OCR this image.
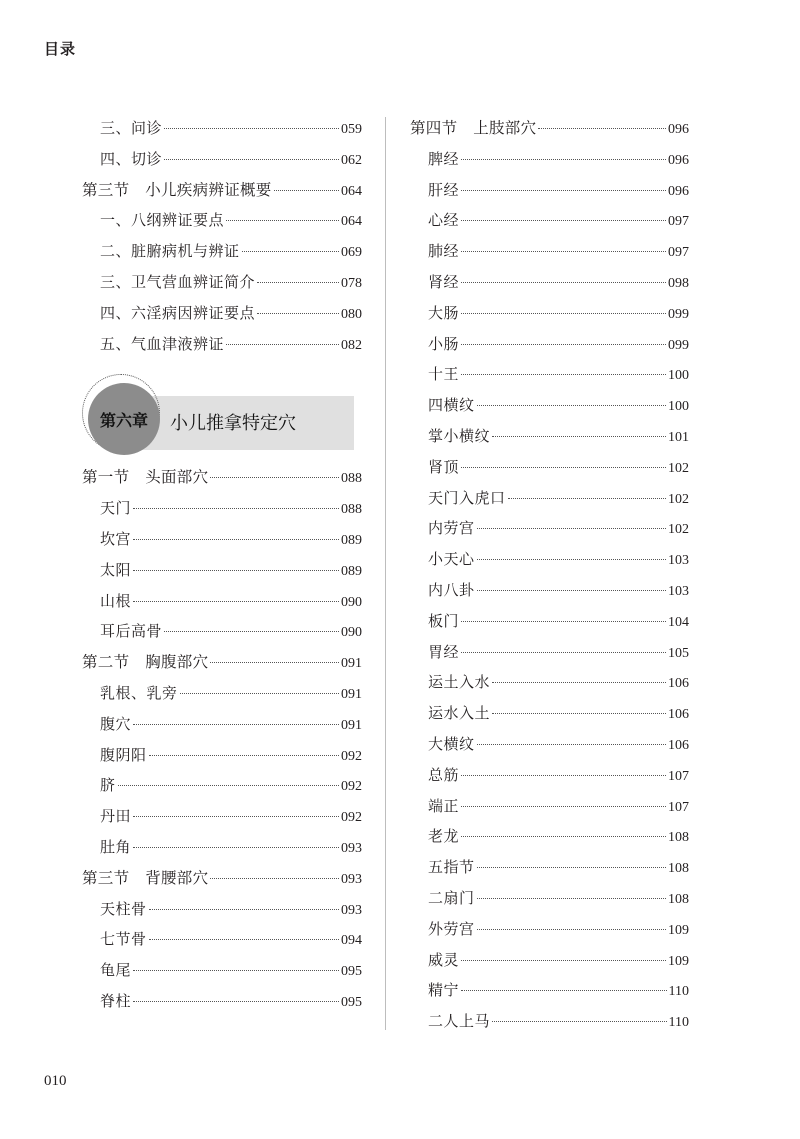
目录
三、问诊	059
四、切诊	062
第三节　小儿疾病辨证概要	064
一、八纲辨证要点	064
二、脏腑病机与辨证	069
三、卫气营血辨证简介	078
四、六淫病因辨证要点	080
五、气血津液辨证	082
第六章 小儿推拿特定穴
第一节　头面部穴	088
天门	088
坎宫	089
太阳	089
山根	090
耳后高骨	090
第二节　胸腹部穴	091
乳根、乳旁	091
腹穴	091
腹阴阳	092
脐	092
丹田	092
肚角	093
第三节　背腰部穴	093
天柱骨	093
七节骨	094
龟尾	095
脊柱	095
第四节　上肢部穴	096
脾经	096
肝经	096
心经	097
肺经	097
肾经	098
大肠	099
小肠	099
十王	100
四横纹	100
掌小横纹	101
肾顶	102
天门入虎口	102
内劳宫	102
小天心	103
内八卦	103
板门	104
胃经	105
运土入水	106
运水入土	106
大横纹	106
总筋	107
端正	107
老龙	108
五指节	108
二扇门	108
外劳宫	109
威灵	109
精宁	110
二人上马	110
010
